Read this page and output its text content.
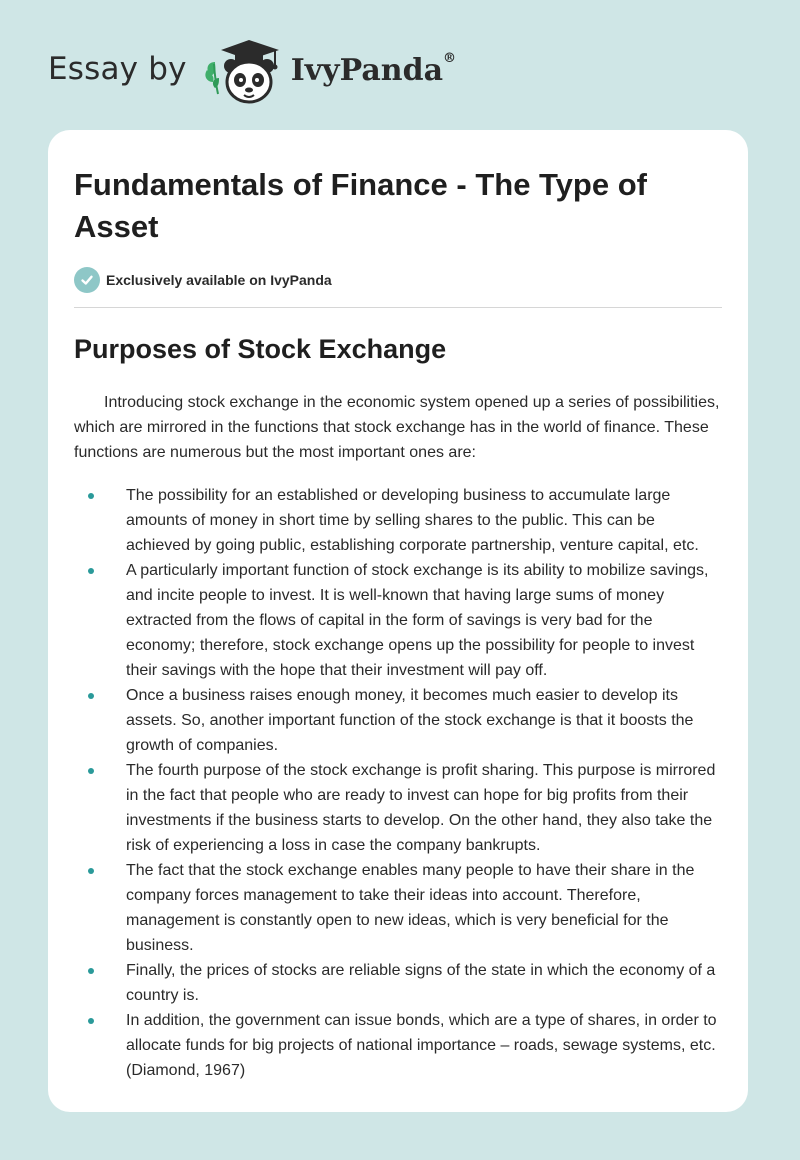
Essay by	IvyPanda®
Fundamentals of Finance - The Type of Asset
Exclusively available on IvyPanda
Purposes of Stock Exchange

Introducing stock exchange in the economic system opened up a series of possibilities, which are mirrored in the functions that stock exchange has in the world of finance. These functions are numerous but the most important ones are:

The possibility for an established or developing business to accumulate large amounts of money in short time by selling shares to the public. This can be achieved by going public, establishing corporate partnership, venture capital, etc.
A particularly important function of stock exchange is its ability to mobilize savings, and incite people to invest. It is well-known that having large sums of money extracted from the flows of capital in the form of savings is very bad for the economy; therefore, stock exchange opens up the possibility for people to invest their savings with the hope that their investment will pay off.
Once a business raises enough money, it becomes much easier to develop its assets. So, another important function of the stock exchange is that it boosts the growth of companies.
The fourth purpose of the stock exchange is profit sharing. This purpose is mirrored in the fact that people who are ready to invest can hope for big profits from their investments if the business starts to develop. On the other hand, they also take the risk of experiencing a loss in case the company bankrupts.
The fact that the stock exchange enables many people to have their share in the company forces management to take their ideas into account. Therefore, management is constantly open to new ideas, which is very beneficial for the business.
Finally, the prices of stocks are reliable signs of the state in which the economy of a country is.
In addition, the government can issue bonds, which are a type of shares, in order to allocate funds for big projects of national importance – roads, sewage systems, etc. (Diamond, 1967)
